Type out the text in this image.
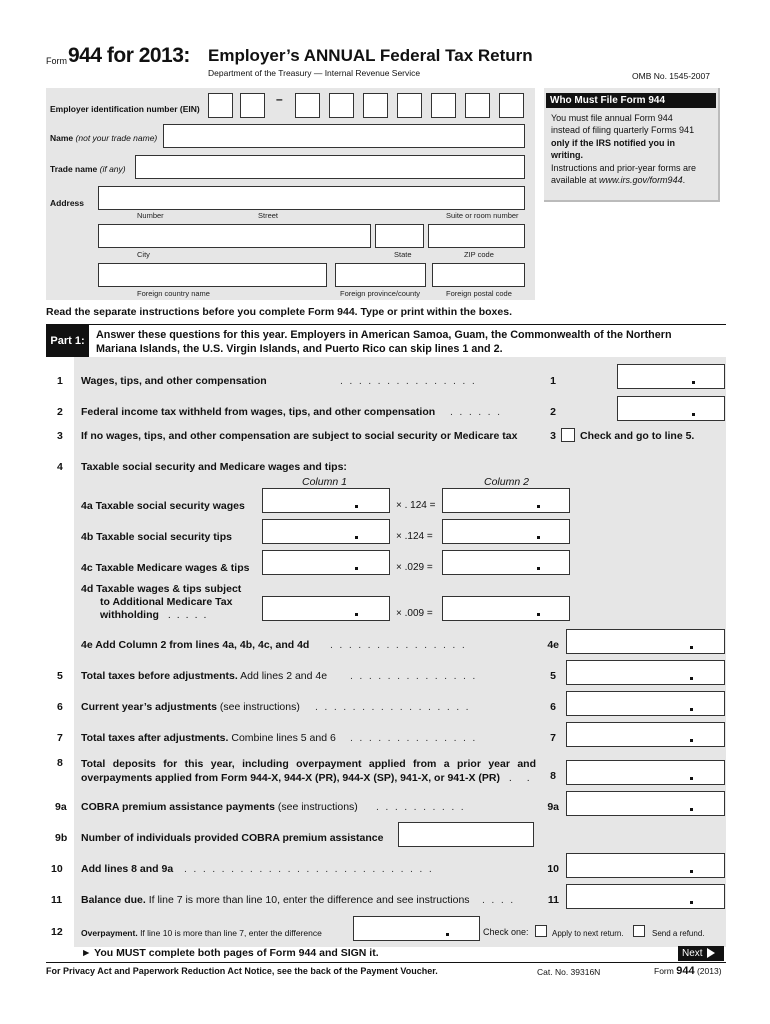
Form 944 for 2013: Employer’s ANNUAL Federal Tax Return
Department of the Treasury — Internal Revenue Service	OMB No. 1545-2007
Employer identification number (EIN)
–
Name (not your trade name)
Trade name (if any)
Address
Number	Street	Suite or room number
City	State	ZIP code
Foreign country name	Foreign province/county	Foreign postal code
Who Must File Form 944
You must file annual Form 944
instead of filing quarterly Forms 941
only if the IRS notified you in
writing.
Instructions and prior-year forms are
available at www.irs.gov/form944.
Read the separate instructions before you complete Form 944. Type or print within the boxes.
Part 1:	Answer these questions for this year. Employers in American Samoa, Guam, the Commonwealth of the Northern
Mariana Islands, the U.S. Virgin Islands, and Puerto Rico can skip lines 1 and 2.
1 Wages, tips, and other compensation	...............	1
2 Federal income tax withheld from wages, tips, and other compensation ......	2
3 If no wages, tips, and other compensation are subject to social security or Medicare tax	3 Check and go to line 5.
4 Taxable social security and Medicare wages and tips:
Column 1	Column 2
4a Taxable social security wages	× . 124 =
4b Taxable social security tips	× .124 =
4c Taxable Medicare wages & tips	× .029 =
4d Taxable wages & tips subject
to Additional Medicare Tax
withholding .....	× .009 =
4e Add Column 2 from lines 4a, 4b, 4c, and 4d ...............	4e
5 Total taxes before adjustments. Add lines 2 and 4e ..............	5
6 Current year’s adjustments (see instructions) .................	6
7 Total taxes after adjustments. Combine lines 5 and 6 ..............	7
8 Total deposits for this year, including overpayment applied from a prior year and
overpayments applied from Form 944-X, 944-X (PR), 944-X (SP), 941-X, or 941-X (PR) . .	8
9a COBRA premium assistance payments (see instructions) ..........	9a
9b Number of individuals provided COBRA premium assistance
10 Add lines 8 and 9a ...........................	10
11 Balance due. If line 7 is more than line 10, enter the difference and see instructions ....	11
12 Overpayment. If line 10 is more than line 7, enter the difference	Check one:	Apply to next return.	Send a refund.
► You MUST complete both pages of Form 944 and SIGN it.	Next
For Privacy Act and Paperwork Reduction Act Notice, see the back of the Payment Voucher.	Cat. No. 39316N	Form 944 (2013)
